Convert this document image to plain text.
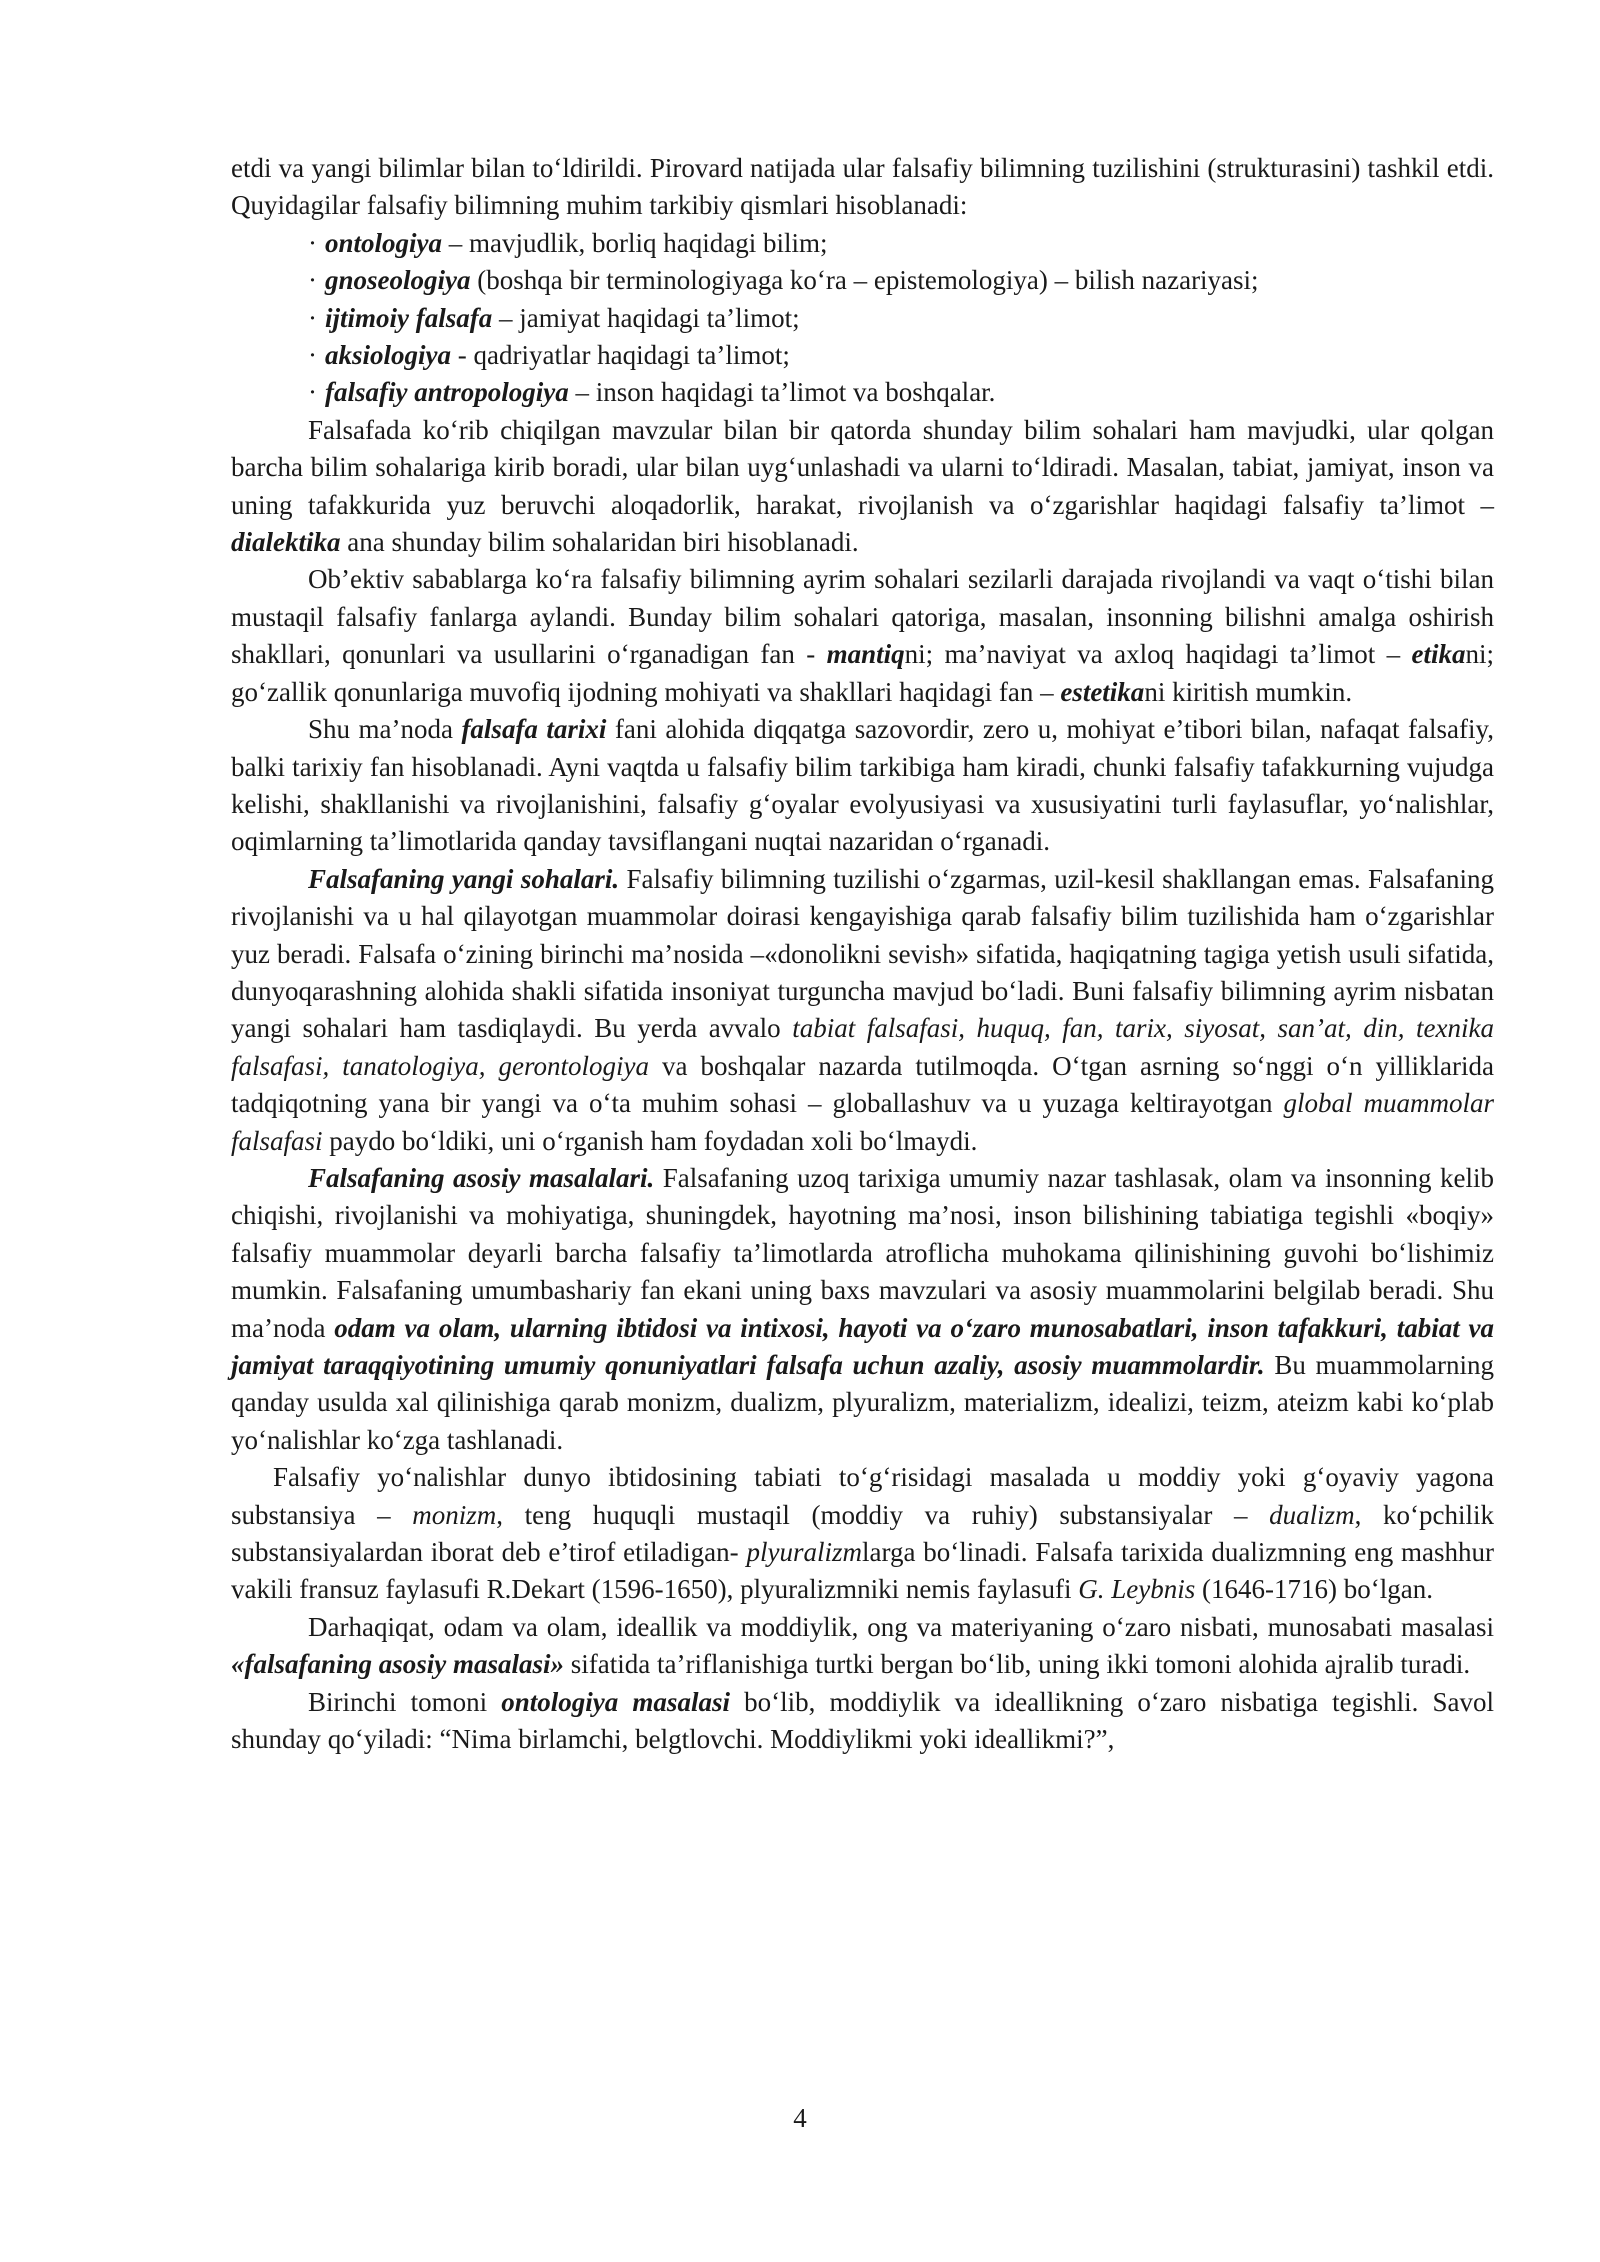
etdi va yangi bilimlar bilan to‘ldirildi. Pirovard natijada ular falsafiy bilimning tuzilishini (strukturasini) tashkil etdi. Quyidagilar falsafiy bilimning muhim tarkibiy qismlari hisoblanadi:

· ontologiya – mavjudlik, borliq haqidagi bilim;
· gnoseologiya (boshqa bir terminologiyaga ko‘ra – epistemologiya) – bilish nazariyasi;
· ijtimoiy falsafa – jamiyat haqidagi ta’limot;
· aksiologiya - qadriyatlar haqidagi ta’limot;
· falsafiy antropologiya – inson haqidagi ta’limot va boshqalar.

Falsafada ko‘rib chiqilgan mavzular bilan bir qatorda shunday bilim sohalari ham mavjudki, ular qolgan barcha bilim sohalariga kirib boradi, ular bilan uyg‘unlashadi va ularni to‘ldiradi. Masalan, tabiat, jamiyat, inson va uning tafakkurida yuz beruvchi aloqadorlik, harakat, rivojlanish va o‘zgarishlar haqidagi falsafiy ta’limot – dialektika ana shunday bilim sohalaridan biri hisoblanadi.

Ob’ektiv sabablarga ko‘ra falsafiy bilimning ayrim sohalari sezilarli darajada rivojlandi va vaqt o‘tishi bilan mustaqil falsafiy fanlarga aylandi. Bunday bilim sohalari qatoriga, masalan, insonning bilishni amalga oshirish shakllari, qonunlari va usullarini o‘rganadigan fan - mantiqni; ma’naviyat va axloq haqidagi ta’limot – etikani; go‘zallik qonunlariga muvofiq ijodning mohiyati va shakllari haqidagi fan – estetikani kiritish mumkin.

Shu ma’noda falsafa tarixi fani alohida diqqatga sazovordir, zero u, mohiyat e’tibori bilan, nafaqat falsafiy, balki tarixiy fan hisoblanadi. Ayni vaqtda u falsafiy bilim tarkibiga ham kiradi, chunki falsafiy tafakkurning vujudga kelishi, shakllanishi va rivojlanishini, falsafiy g‘oyalar evolyusiyasi va xususiyatini turli faylasuflar, yo‘nalishlar, oqimlarning ta’limotlarida qanday tavsiflangani nuqtai nazaridan o‘rganadi.

Falsafaning yangi sohalari. Falsafiy bilimning tuzilishi o‘zgarmas, uzil-kesil shakllangan emas. Falsafaning rivojlanishi va u hal qilayotgan muammolar doirasi kengayishiga qarab falsafiy bilim tuzilishida ham o‘zgarishlar yuz beradi. Falsafa o‘zining birinchi ma’nosida –«donolikni sevish» sifatida, haqiqatning tagiga yetish usuli sifatida, dunyoqarashning alohida shakli sifatida insoniyat turguncha mavjud bo‘ladi. Buni falsafiy bilimning ayrim nisbatan yangi sohalari ham tasdiqlaydi. Bu yerda avvalo tabiat falsafasi, huquq, fan, tarix, siyosat, san’at, din, texnika falsafasi, tanatologiya, gerontologiya va boshqalar nazarda tutilmoqda. O‘tgan asrning so‘nggi o‘n yilliklarida tadqiqotning yana bir yangi va o‘ta muhim sohasi – globallashuv va u yuzaga keltirayotgan global muammolar falsafasi paydo bo‘ldiki, uni o‘rganish ham foydadan xoli bo‘lmaydi.

Falsafaning asosiy masalalari. Falsafaning uzoq tarixiga umumiy nazar tashlasak, olam va insonning kelib chiqishi, rivojlanishi va mohiyatiga, shuningdek, hayotning ma’nosi, inson bilishining tabiatiga tegishli «boqiy» falsafiy muammolar deyarli barcha falsafiy ta’limotlarda atroflicha muhokama qilinishining guvohi bo‘lishimiz mumkin. Falsafaning umumbashariy fan ekani uning baxs mavzulari va asosiy muammolarini belgilab beradi. Shu ma’noda odam va olam, ularning ibtidosi va intixosi, hayoti va o‘zaro munosabatlari, inson tafakkuri, tabiat va jamiyat taraqqiyotining umumiy qonuniyatlari falsafa uchun azaliy, asosiy muammolardir. Bu muammolarning qanday usulda xal qilinishiga qarab monizm, dualizm, plyuralizm, materializm, idealizi, teizm, ateizm kabi ko‘plab yo‘nalishlar ko‘zga tashlanadi.

Falsafiy yo‘nalishlar dunyo ibtidosining tabiati to‘g‘risidagi masalada u moddiy yoki g‘oyaviy yagona substansiya – monizm, teng huquqli mustaqil (moddiy va ruhiy) substansiyalar – dualizm, ko‘pchilik substansiyalardan iborat deb e’tirof etiladigan- plyuralizmlarga bo‘linadi. Falsafa tarixida dualizmning eng mashhur vakili fransuz faylasufi R.Dekart (1596-1650), plyuralizmniki nemis faylasufi G. Leybnis (1646-1716) bo‘lgan.

Darhaqiqat, odam va olam, ideallik va moddiylik, ong va materiyaning o‘zaro nisbati, munosabati masalasi «falsafaning asosiy masalasi» sifatida ta’riflanishiga turtki bergan bo‘lib, uning ikki tomoni alohida ajralib turadi.

Birinchi tomoni ontologiya masalasi bo‘lib, moddiylik va ideallikning o‘zaro nisbatiga tegishli. Savol shunday qo‘yiladi: “Nima birlamchi, belgtlovchi. Moddiylikmi yoki ideallikmi?”,

4
